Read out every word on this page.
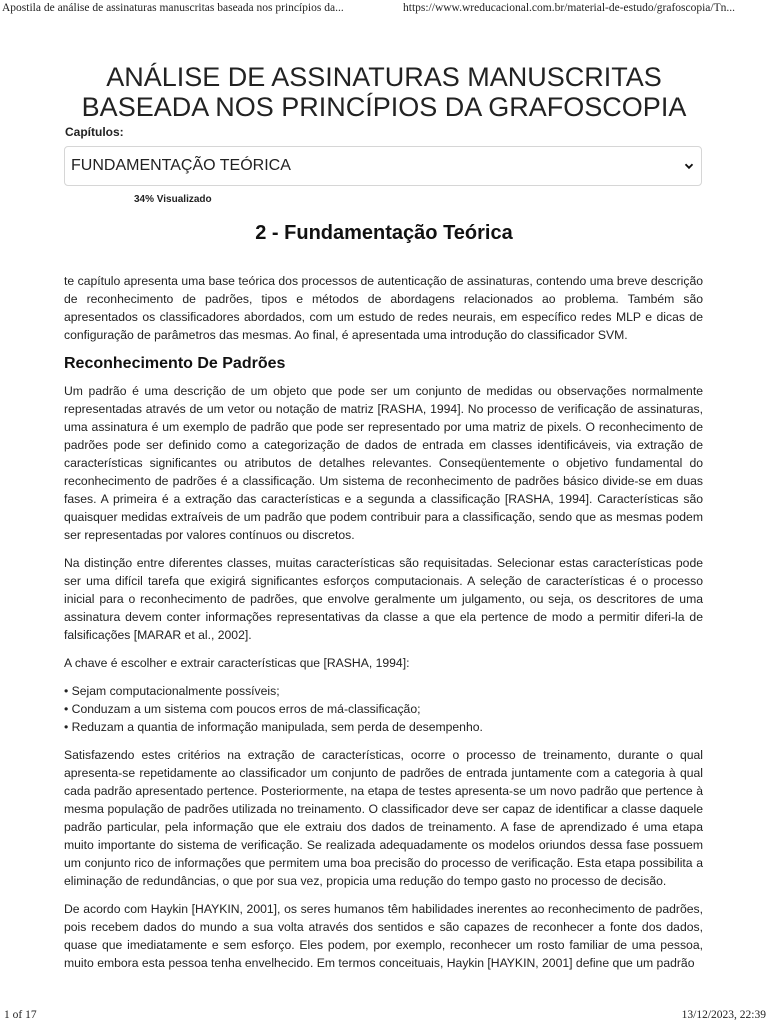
Apostila de análise de assinaturas manuscritas baseada nos princípios da...	https://www.wreducacional.com.br/material-de-estudo/grafoscopia/Tn...
ANÁLISE DE ASSINATURAS MANUSCRITAS
BASEADA NOS PRINCÍPIOS DA GRAFOSCOPIA
Capítulos:
FUNDAMENTAÇÃO TEÓRICA
34% Visualizado
2 - Fundamentação Teórica

te capítulo apresenta uma base teórica dos processos de autenticação de assinaturas, contendo uma breve descrição de reconhecimento de padrões, tipos e métodos de abordagens relacionados ao problema. Também são apresentados os classificadores abordados, com um estudo de redes neurais, em específico redes MLP e dicas de configuração de parâmetros das mesmas. Ao final, é apresentada uma introdução do classificador SVM.

Reconhecimento De Padrões

Um padrão é uma descrição de um objeto que pode ser um conjunto de medidas ou observações normalmente representadas através de um vetor ou notação de matriz [RASHA, 1994]. No processo de verificação de assinaturas, uma assinatura é um exemplo de padrão que pode ser representado por uma matriz de pixels. O reconhecimento de padrões pode ser definido como a categorização de dados de entrada em classes identificáveis, via extração de características significantes ou atributos de detalhes relevantes. Conseqüentemente o objetivo fundamental do reconhecimento de padrões é a classificação. Um sistema de reconhecimento de padrões básico divide-se em duas fases. A primeira é a extração das características e a segunda a classificação [RASHA, 1994]. Características são quaisquer medidas extraíveis de um padrão que podem contribuir para a classificação, sendo que as mesmas podem ser representadas por valores contínuos ou discretos.

Na distinção entre diferentes classes, muitas características são requisitadas. Selecionar estas características pode ser uma difícil tarefa que exigirá significantes esforços computacionais. A seleção de características é o processo inicial para o reconhecimento de padrões, que envolve geralmente um julgamento, ou seja, os descritores de uma assinatura devem conter informações representativas da classe a que ela pertence de modo a permitir diferi-la de falsificações [MARAR et al., 2002].

A chave é escolher e extrair características que [RASHA, 1994]:

• Sejam computacionalmente possíveis;
• Conduzam a um sistema com poucos erros de má-classificação;
• Reduzam a quantia de informação manipulada, sem perda de desempenho.

Satisfazendo estes critérios na extração de características, ocorre o processo de treinamento, durante o qual apresenta-se repetidamente ao classificador um conjunto de padrões de entrada juntamente com a categoria à qual cada padrão apresentado pertence. Posteriormente, na etapa de testes apresenta-se um novo padrão que pertence à mesma população de padrões utilizada no treinamento. O classificador deve ser capaz de identificar a classe daquele padrão particular, pela informação que ele extraiu dos dados de treinamento. A fase de aprendizado é uma etapa muito importante do sistema de verificação. Se realizada adequadamente os modelos oriundos dessa fase possuem um conjunto rico de informações que permitem uma boa precisão do processo de verificação. Esta etapa possibilita a eliminação de redundâncias, o que por sua vez, propicia uma redução do tempo gasto no processo de decisão.

De acordo com Haykin [HAYKIN, 2001], os seres humanos têm habilidades inerentes ao reconhecimento de padrões, pois recebem dados do mundo a sua volta através dos sentidos e são capazes de reconhecer a fonte dos dados, quase que imediatamente e sem esforço. Eles podem, por exemplo, reconhecer um rosto familiar de uma pessoa, muito embora esta pessoa tenha envelhecido. Em termos conceituais, Haykin [HAYKIN, 2001] define que um padrão

1 of 17	13/12/2023, 22:39
